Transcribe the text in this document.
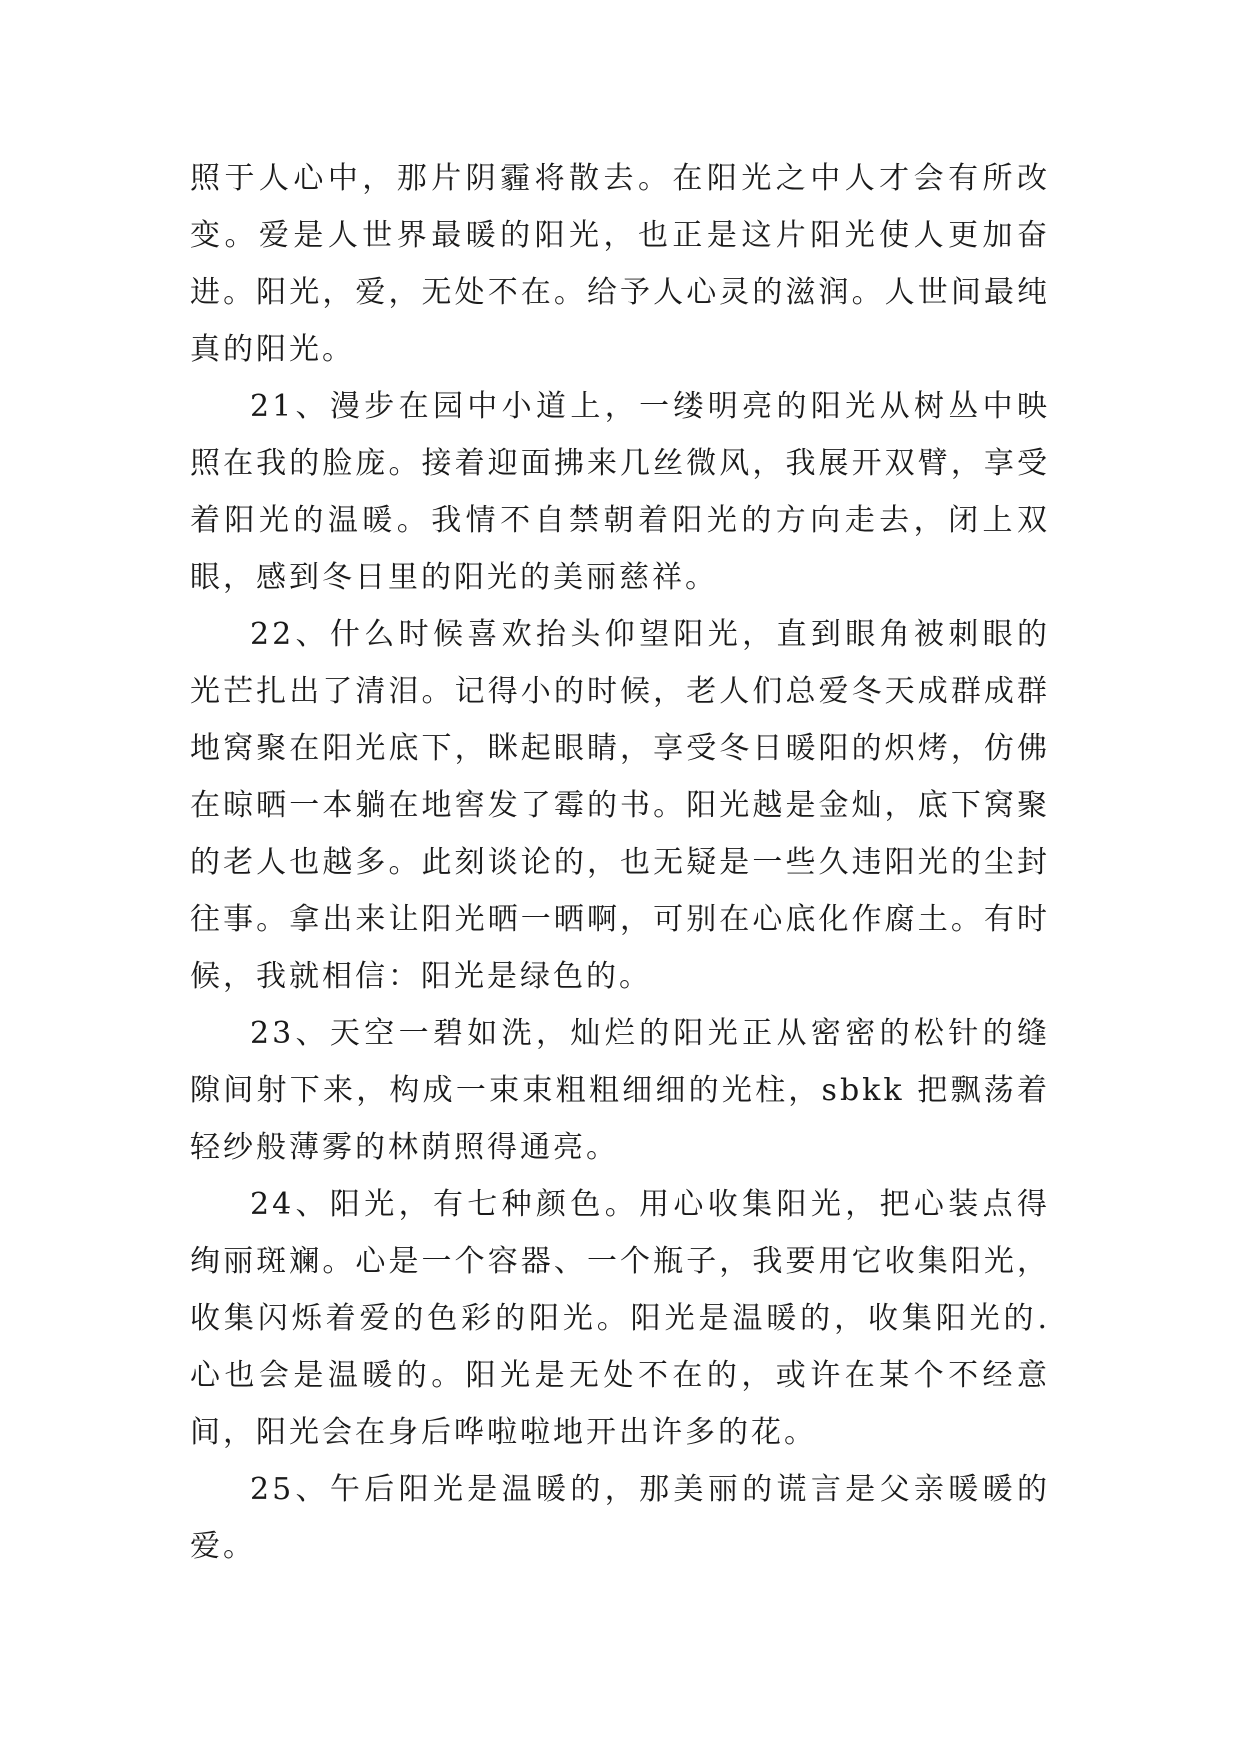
照于人心中，那片阴霾将散去。在阳光之中人才会有所改变。爱是人世界最暖的阳光，也正是这片阳光使人更加奋进。阳光，爱，无处不在。给予人心灵的滋润。人世间最纯真的阳光。

21、漫步在园中小道上，一缕明亮的阳光从树丛中映照在我的脸庞。接着迎面拂来几丝微风，我展开双臂，享受着阳光的温暖。我情不自禁朝着阳光的方向走去，闭上双眼，感到冬日里的阳光的美丽慈祥。

22、什么时候喜欢抬头仰望阳光，直到眼角被刺眼的光芒扎出了清泪。记得小的时候，老人们总爱冬天成群成群地窝聚在阳光底下，眯起眼睛，享受冬日暖阳的炽烤，仿佛在晾晒一本躺在地窖发了霉的书。阳光越是金灿，底下窝聚的老人也越多。此刻谈论的，也无疑是一些久违阳光的尘封往事。拿出来让阳光晒一晒啊，可别在心底化作腐土。有时候，我就相信：阳光是绿色的。

23、天空一碧如洗，灿烂的阳光正从密密的松针的缝隙间射下来，构成一束束粗粗细细的光柱，sbkk 把飘荡着轻纱般薄雾的林荫照得通亮。

24、阳光，有七种颜色。用心收集阳光，把心装点得绚丽斑斓。心是一个容器、一个瓶子，我要用它收集阳光，收集闪烁着爱的色彩的阳光。阳光是温暖的，收集阳光的.心也会是温暖的。阳光是无处不在的，或许在某个不经意间，阳光会在身后哗啦啦地开出许多的花。

25、午后阳光是温暖的，那美丽的谎言是父亲暖暖的爱。
